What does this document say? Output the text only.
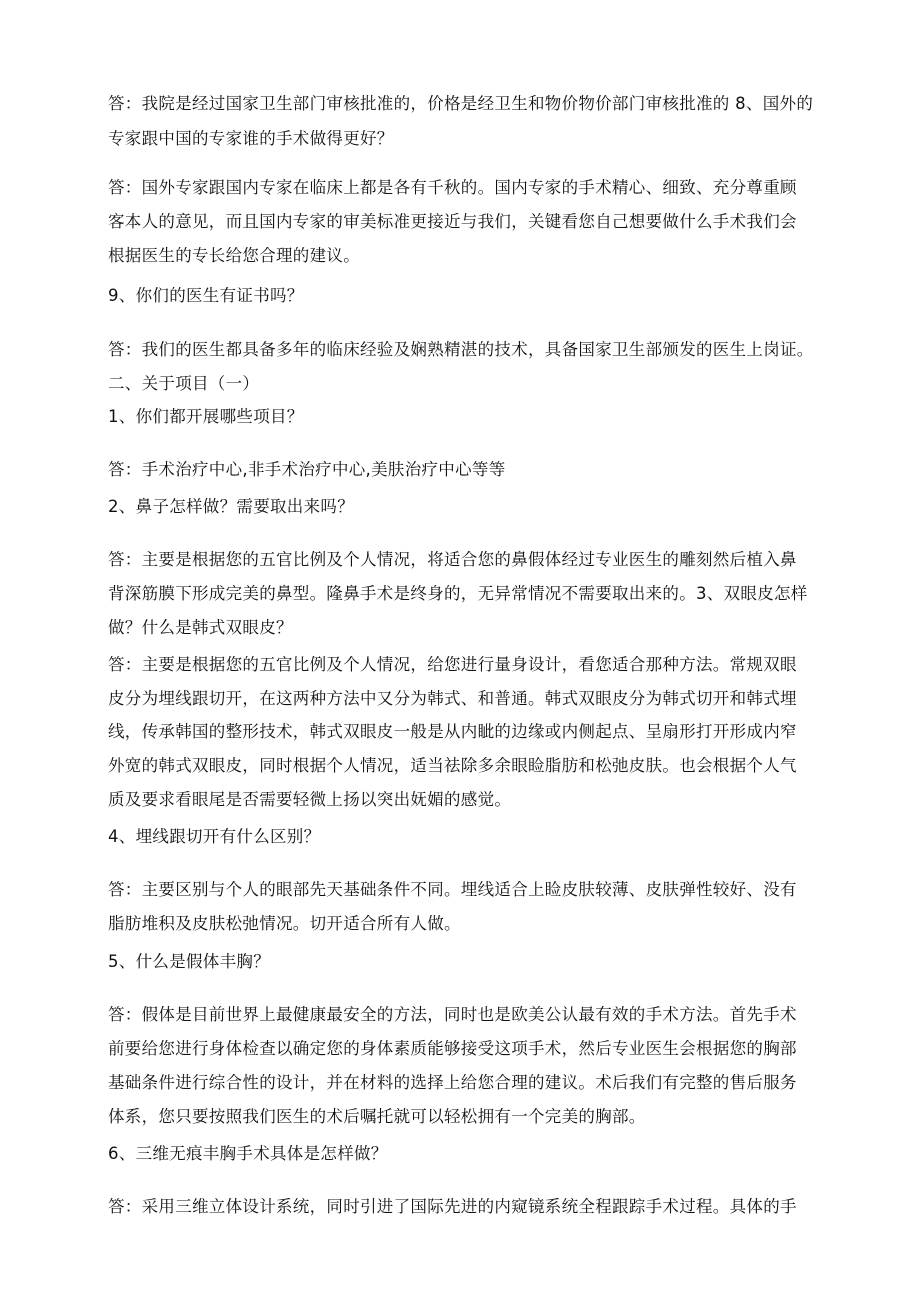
答：我院是经过国家卫生部门审核批准的，价格是经卫生和物价物价部门审核批准的 8、国外的
专家跟中国的专家谁的手术做得更好？
答：国外专家跟国内专家在临床上都是各有千秋的。国内专家的手术精心、细致、充分尊重顾
客本人的意见，而且国内专家的审美标准更接近与我们，关键看您自己想要做什么手术我们会
根据医生的专长给您合理的建议。
9、你们的医生有证书吗？
答：我们的医生都具备多年的临床经验及娴熟精湛的技术，具备国家卫生部颁发的医生上岗证。
二、关于项目（一）
1、你们都开展哪些项目？
答：手术治疗中心,非手术治疗中心,美肤治疗中心等等
2、鼻子怎样做？需要取出来吗？
答：主要是根据您的五官比例及个人情况，将适合您的鼻假体经过专业医生的雕刻然后植入鼻
背深筋膜下形成完美的鼻型。隆鼻手术是终身的，无异常情况不需要取出来的。3、双眼皮怎样
做？什么是韩式双眼皮？
答：主要是根据您的五官比例及个人情况，给您进行量身设计，看您适合那种方法。常规双眼
皮分为埋线跟切开，在这两种方法中又分为韩式、和普通。韩式双眼皮分为韩式切开和韩式埋
线，传承韩国的整形技术，韩式双眼皮一般是从内眦的边缘或内侧起点、呈扇形打开形成内窄
外宽的韩式双眼皮，同时根据个人情况，适当祛除多余眼睑脂肪和松弛皮肤。也会根据个人气
质及要求看眼尾是否需要轻微上扬以突出妩媚的感觉。
4、埋线跟切开有什么区别？
答：主要区别与个人的眼部先天基础条件不同。埋线适合上睑皮肤较薄、皮肤弹性较好、没有
脂肪堆积及皮肤松弛情况。切开适合所有人做。
5、什么是假体丰胸？
答：假体是目前世界上最健康最安全的方法，同时也是欧美公认最有效的手术方法。首先手术
前要给您进行身体检查以确定您的身体素质能够接受这项手术，然后专业医生会根据您的胸部
基础条件进行综合性的设计，并在材料的选择上给您合理的建议。术后我们有完整的售后服务
体系，您只要按照我们医生的术后嘱托就可以轻松拥有一个完美的胸部。
6、三维无痕丰胸手术具体是怎样做？
答：采用三维立体设计系统，同时引进了国际先进的内窥镜系统全程跟踪手术过程。具体的手
